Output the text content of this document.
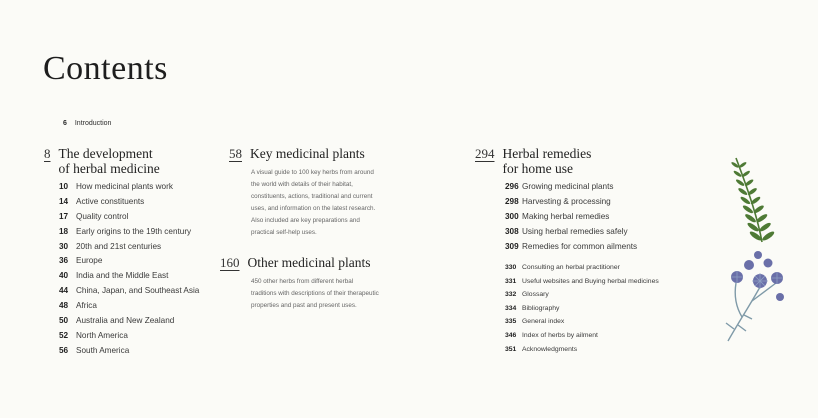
Contents
6 Introduction
8 The development
of herbal medicine
10 How medicinal plants work
14 Active constituents
17 Quality control
18 Early origins to the 19th century
30 20th and 21st centuries
36 Europe
40 India and the Middle East
44 China, Japan, and Southeast Asia
48 Africa
50 Australia and New Zealand
52 North America
56 South America
58 Key medicinal plants
A visual guide to 100 key herbs from around
the world with details of their habitat,
constituents, actions, traditional and current
uses, and information on the latest research.
Also included are key preparations and
practical self-help uses.
160 Other medicinal plants
450 other herbs from different herbal
traditions with descriptions of their therapeutic
properties and past and present uses.
294 Herbal remedies
for home use
296 Growing medicinal plants
298 Harvesting & processing
300 Making herbal remedies
308 Using herbal remedies safely
309 Remedies for common ailments
330 Consulting an herbal practitioner
331 Useful websites and Buying herbal medicines
332 Glossary
334 Bibliography
335 General index
346 Index of herbs by ailment
351 Acknowledgments
